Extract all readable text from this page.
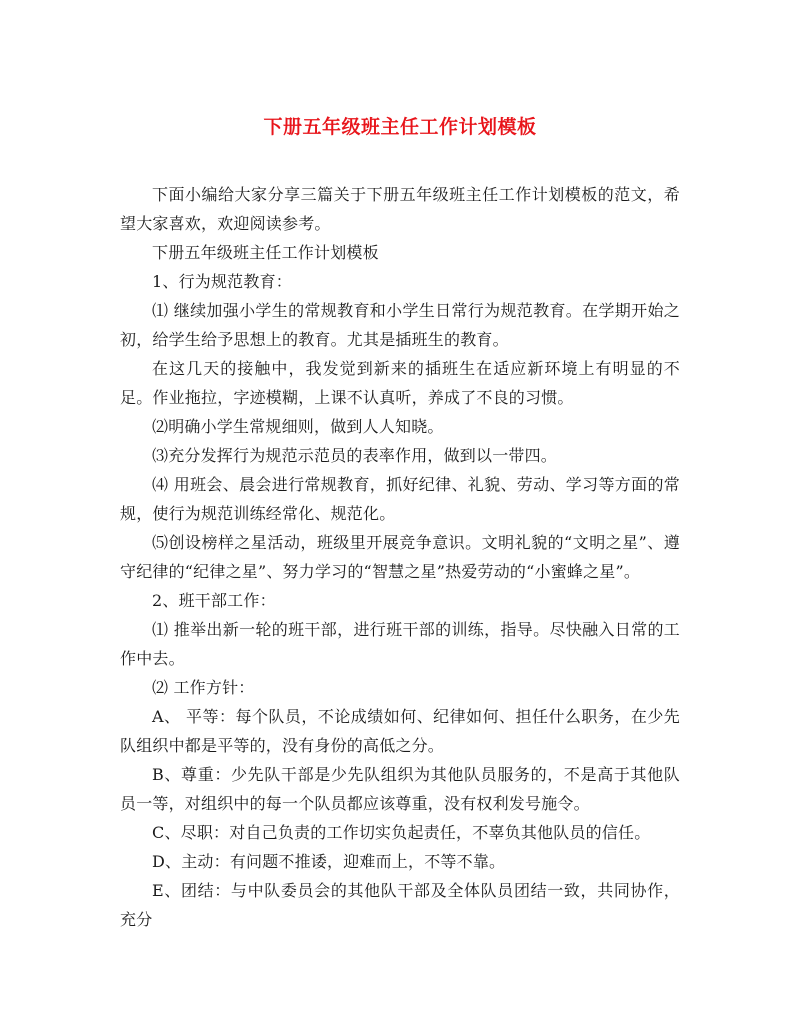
下册五年级班主任工作计划模板

下面小编给大家分享三篇关于下册五年级班主任工作计划模板的范文，希望大家喜欢，欢迎阅读参考。

下册五年级班主任工作计划模板

1、行为规范教育：

⑴ 继续加强小学生的常规教育和小学生日常行为规范教育。在学期开始之初，给学生给予思想上的教育。尤其是插班生的教育。

在这几天的接触中，我发觉到新来的插班生在适应新环境上有明显的不足。作业拖拉，字迹模糊，上课不认真听，养成了不良的习惯。

⑵明确小学生常规细则，做到人人知晓。

⑶充分发挥行为规范示范员的表率作用，做到以一带四。

⑷ 用班会、晨会进行常规教育，抓好纪律、礼貌、劳动、学习等方面的常规，使行为规范训练经常化、规范化。

⑸创设榜样之星活动，班级里开展竞争意识。文明礼貌的“文明之星”、遵守纪律的“纪律之星”、努力学习的“智慧之星”热爱劳动的“小蜜蜂之星”。

2、班干部工作：

⑴ 推举出新一轮的班干部，进行班干部的训练，指导。尽快融入日常的工作中去。

⑵ 工作方针：

A、 平等：每个队员，不论成绩如何、纪律如何、担任什么职务，在少先队组织中都是平等的，没有身份的高低之分。

B、尊重：少先队干部是少先队组织为其他队员服务的，不是高于其他队员一等，对组织中的每一个队员都应该尊重，没有权利发号施令。

C、尽职：对自己负责的工作切实负起责任，不辜负其他队员的信任。

D、主动：有问题不推诿，迎难而上，不等不靠。

E、团结：与中队委员会的其他队干部及全体队员团结一致，共同协作，充分
